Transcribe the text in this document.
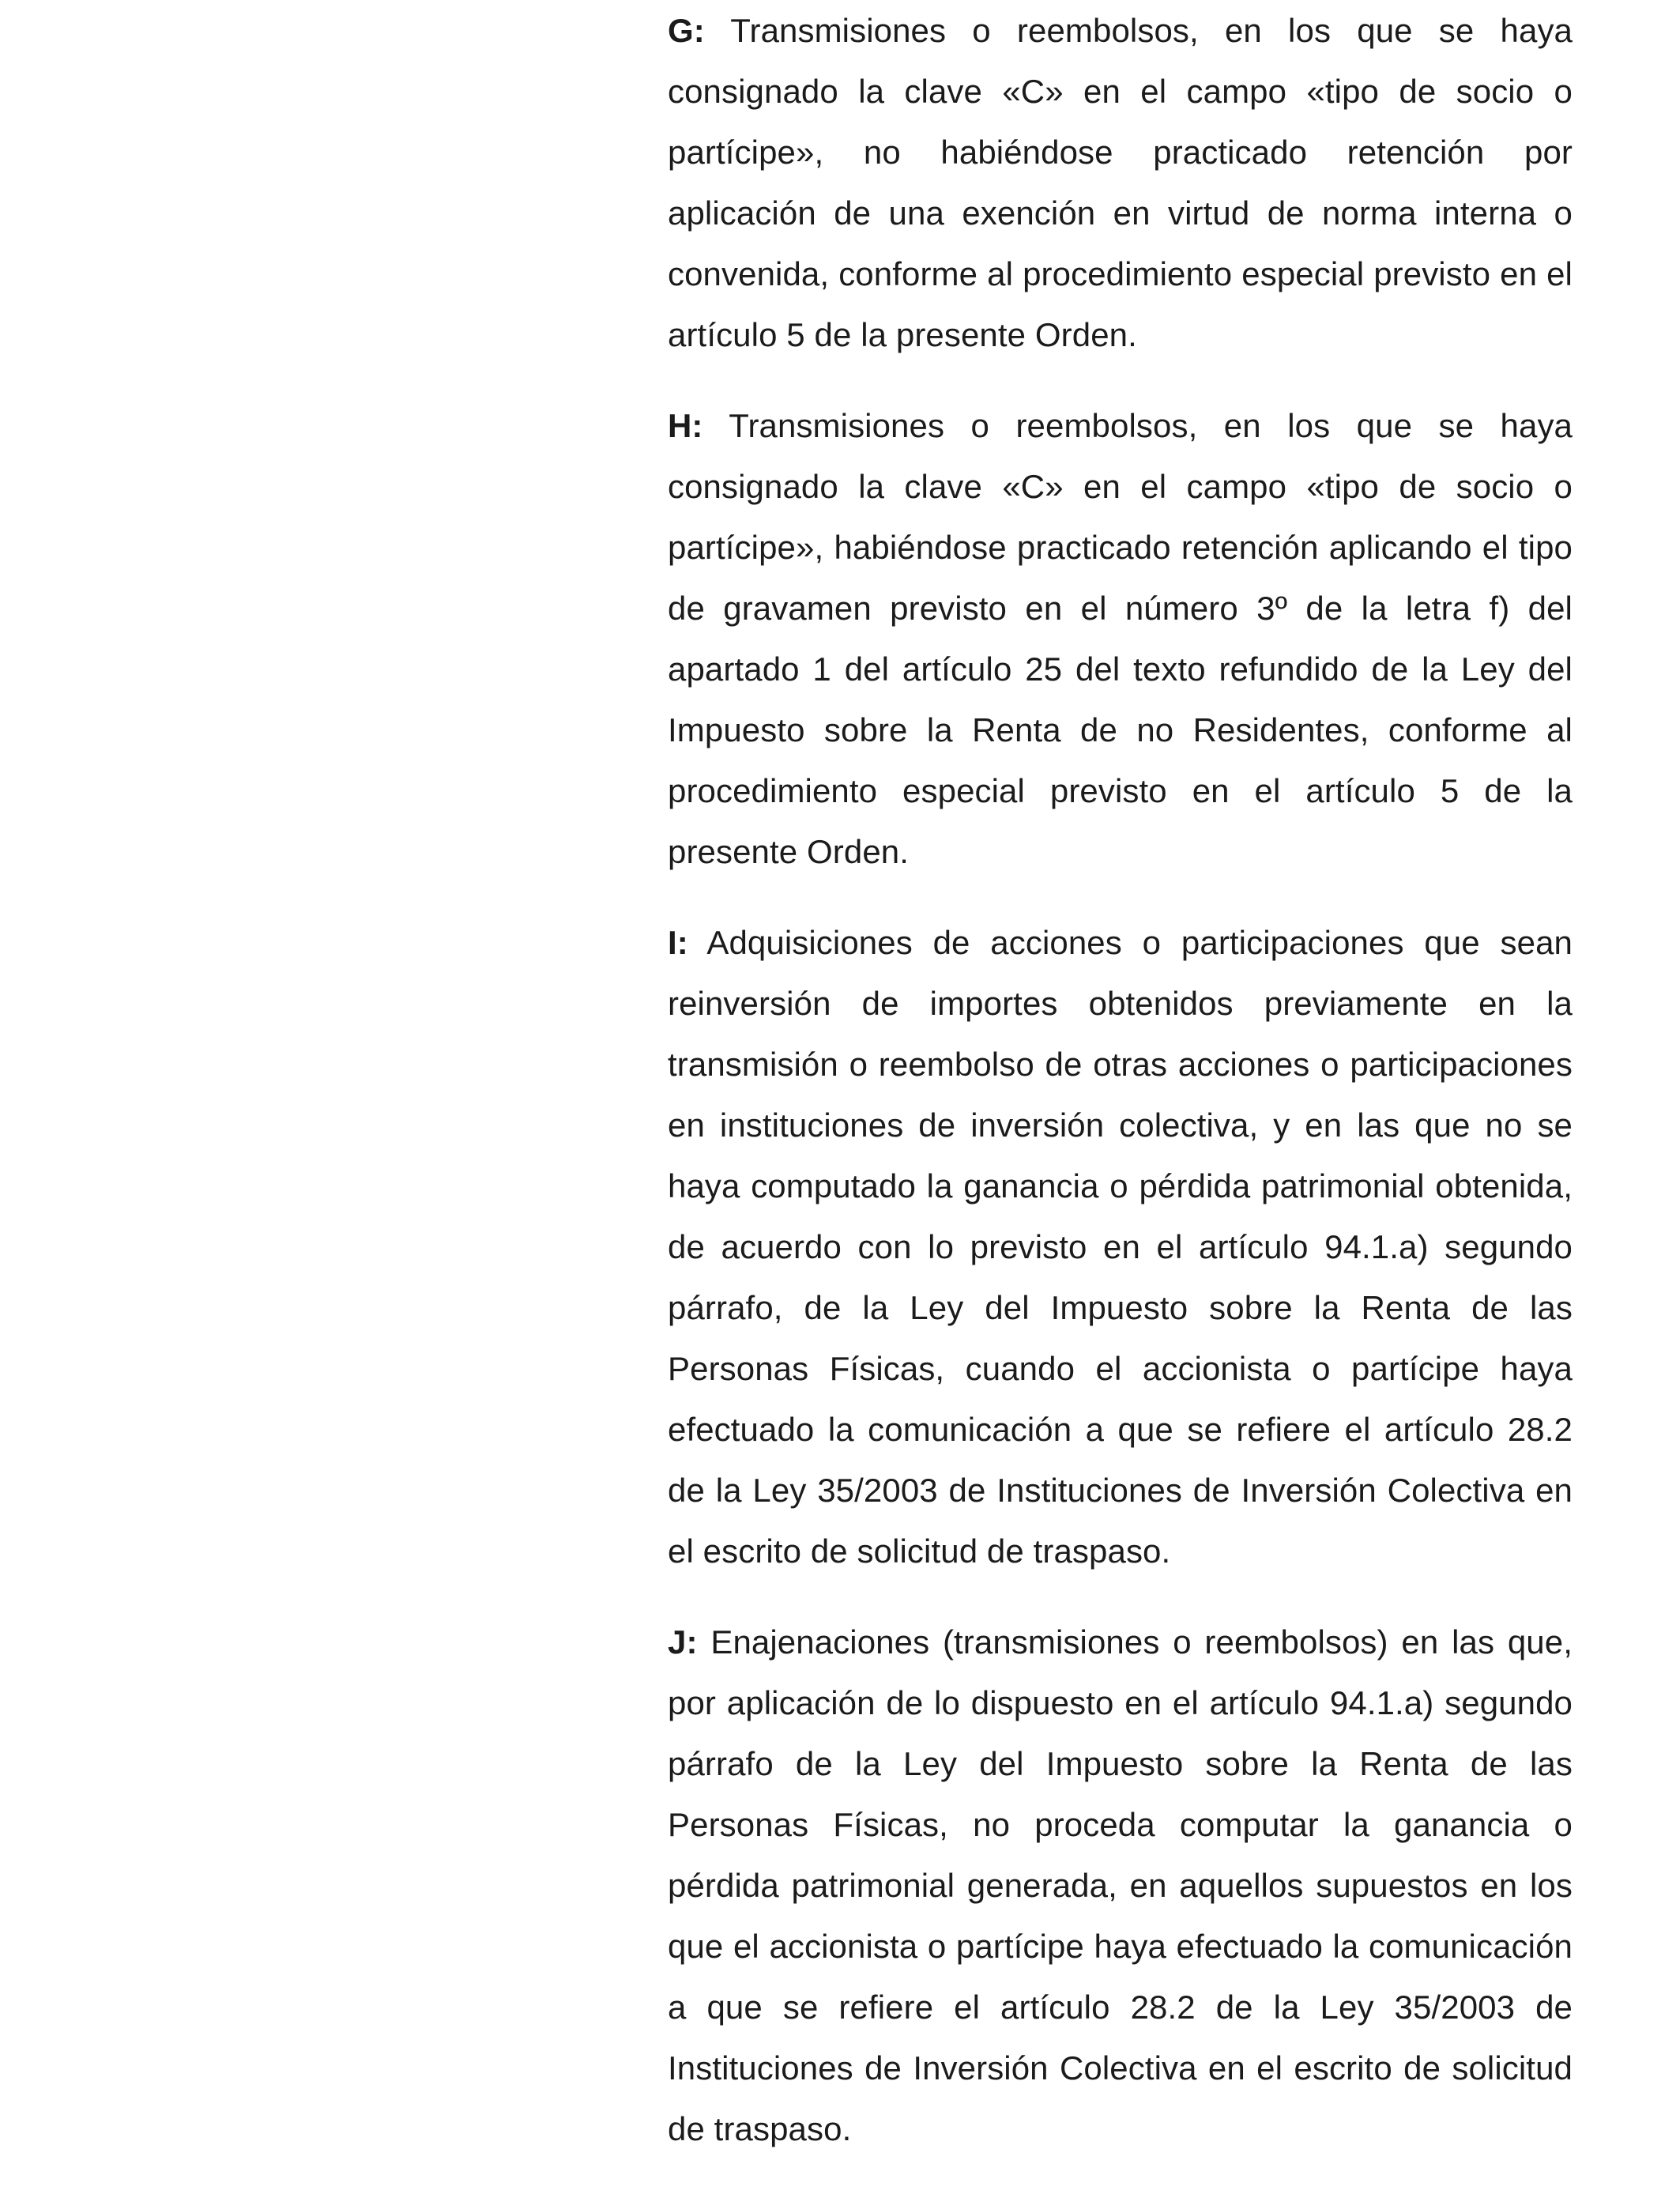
G: Transmisiones o reembolsos, en los que se haya consignado la clave «C» en el campo «tipo de socio o partícipe», no habiéndose practicado retención por aplicación de una exención en virtud de norma interna o convenida, conforme al procedimiento especial previsto en el artículo 5 de la presente Orden.

H: Transmisiones o reembolsos, en los que se haya consignado la clave «C» en el campo «tipo de socio o partícipe», habiéndose practicado retención aplicando el tipo de gravamen previsto en el número 3º de la letra f) del apartado 1 del artículo 25 del texto refundido de la Ley del Impuesto sobre la Renta de no Residentes, conforme al procedimiento especial previsto en el artículo 5 de la presente Orden.

I: Adquisiciones de acciones o participaciones que sean reinversión de importes obtenidos previamente en la transmisión o reembolso de otras acciones o participaciones en instituciones de inversión colectiva, y en las que no se haya computado la ganancia o pérdida patrimonial obtenida, de acuerdo con lo previsto en el artículo 94.1.a) segundo párrafo, de la Ley del Impuesto sobre la Renta de las Personas Físicas, cuando el accionista o partícipe haya efectuado la comunicación a que se refiere el artículo 28.2 de la Ley 35/2003 de Instituciones de Inversión Colectiva en el escrito de solicitud de traspaso.

J: Enajenaciones (transmisiones o reembolsos) en las que, por aplicación de lo dispuesto en el artículo 94.1.a) segundo párrafo de la Ley del Impuesto sobre la Renta de las Personas Físicas, no proceda computar la ganancia o pérdida patrimonial generada, en aquellos supuestos en los que el accionista o partícipe haya efectuado la comunicación a que se refiere el artículo 28.2 de la Ley 35/2003 de Instituciones de Inversión Colectiva en el escrito de solicitud de traspaso.
